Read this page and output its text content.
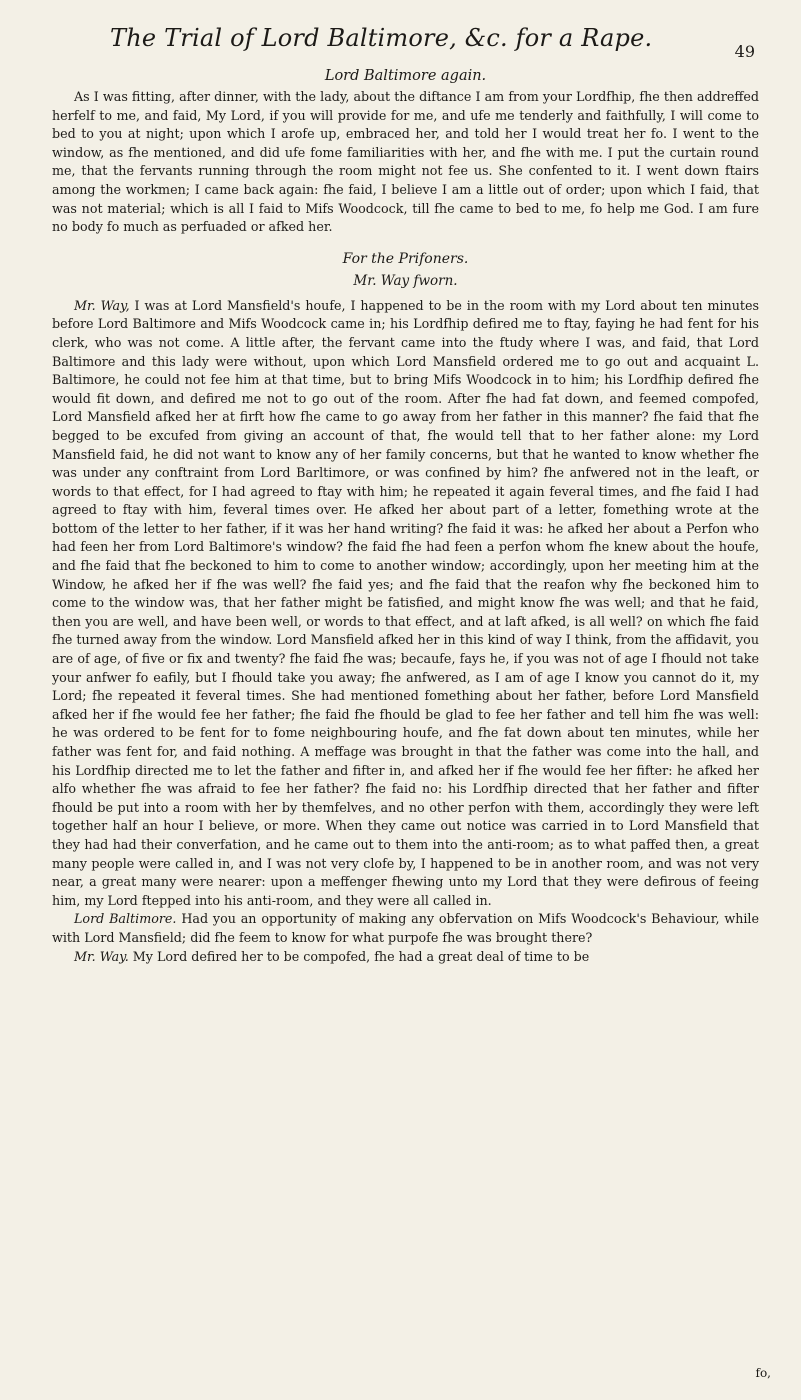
The Trial of Lord Baltimore, &c. for a Rape.	49
Lord Baltimore again.

As I was fitting, after dinner, with the lady, about the diftance I am from your Lordfhip, fhe then addreffed herfelf to me, and faid, My Lord, if you will provide for me, and ufe me tenderly and faithfully, I will come to bed to you at night; upon which I arofe up, embraced her, and told her I would treat her fo. I went to the window, as fhe mentioned, and did ufe fome familiarities with her, and fhe with me. I put the curtain round me, that the fervants running through the room might not fee us. She confented to it. I went down ftairs among the workmen; I came back again: fhe faid, I believe I am a little out of order; upon which I faid, that was not material; which is all I faid to Mifs Woodcock, till fhe came to bed to me, fo help me God. I am fure no body fo much as perfuaded or afked her.

For the Prifoners.
Mr. Way fworn.

Mr. Way, I was at Lord Mansfield's houfe, I happened to be in the room with my Lord about ten minutes before Lord Baltimore and Mifs Woodcock came in; his Lordfhip defired me to ftay, faying he had fent for his clerk, who was not come. A little after, the fervant came into the ftudy where I was, and faid, that Lord Baltimore and this lady were without, upon which Lord Mansfield ordered me to go out and acquaint L. Baltimore, he could not fee him at that time, but to bring Mifs Woodcock in to him; his Lordfhip defired fhe would fit down, and defired me not to go out of the room. After fhe had fat down, and feemed compofed, Lord Mansfield afked her at firft how fhe came to go away from her father in this manner? fhe faid that fhe begged to be excufed from giving an account of that, fhe would tell that to her father alone: my Lord Mansfield faid, he did not want to know any of her family concerns, but that he wanted to know whether fhe was under any conftraint from Lord Barltimore, or was confined by him? fhe anfwered not in the leaft, or words to that effect, for I had agreed to ftay with him; he repeated it again feveral times, and fhe faid I had agreed to ftay with him, feveral times over. He afked her about part of a letter, fomething wrote at the bottom of the letter to her father, if it was her hand writing? fhe faid it was: he afked her about a Perfon who had feen her from Lord Baltimore's window? fhe faid fhe had feen a perfon whom fhe knew about the houfe, and fhe faid that fhe beckoned to him to come to another window; accordingly, upon her meeting him at the Window, he afked her if fhe was well? fhe faid yes; and fhe faid that the reafon why fhe beckoned him to come to the window was, that her father might be fatisfied, and might know fhe was well; and that he faid, then you are well, and have been well, or words to that effect, and at laft afked, is all well? on which fhe faid fhe turned away from the window. Lord Mansfield afked her in this kind of way I think, from the affidavit, you are of age, of five or fix and twenty? fhe faid fhe was; becaufe, fays he, if you was not of age I fhould not take your anfwer fo eafily, but I fhould take you away; fhe anfwered, as I am of age I know you cannot do it, my Lord; fhe repeated it feveral times. She had mentioned fomething about her father, before Lord Mansfield afked her if fhe would fee her father; fhe faid fhe fhould be glad to fee her father and tell him fhe was well: he was ordered to be fent for to fome neighbouring houfe, and fhe fat down about ten minutes, while her father was fent for, and faid nothing. A meffage was brought in that the father was come into the hall, and his Lordfhip directed me to let the father and fifter in, and afked her if fhe would fee her fifter: he afked her alfo whether fhe was afraid to fee her father? fhe faid no: his Lordfhip directed that her father and fifter fhould be put into a room with her by themfelves, and no other perfon with them, accordingly they were left together half an hour I believe, or more. When they came out notice was carried in to Lord Mansfield that they had had their converfation, and he came out to them into the anti-room; as to what paffed then, a great many people were called in, and I was not very clofe by, I happened to be in another room, and was not very near, a great many were nearer: upon a meffenger fhewing unto my Lord that they were defirous of feeing him, my Lord ftepped into his anti-room, and they were all called in.

Lord Baltimore. Had you an opportunity of making any obfervation on Mifs Woodcock's Behaviour, while with Lord Mansfield; did fhe feem to know for what purpofe fhe was brought there?

Mr. Way. My Lord defired her to be compofed, fhe had a great deal of time to be

fo,
